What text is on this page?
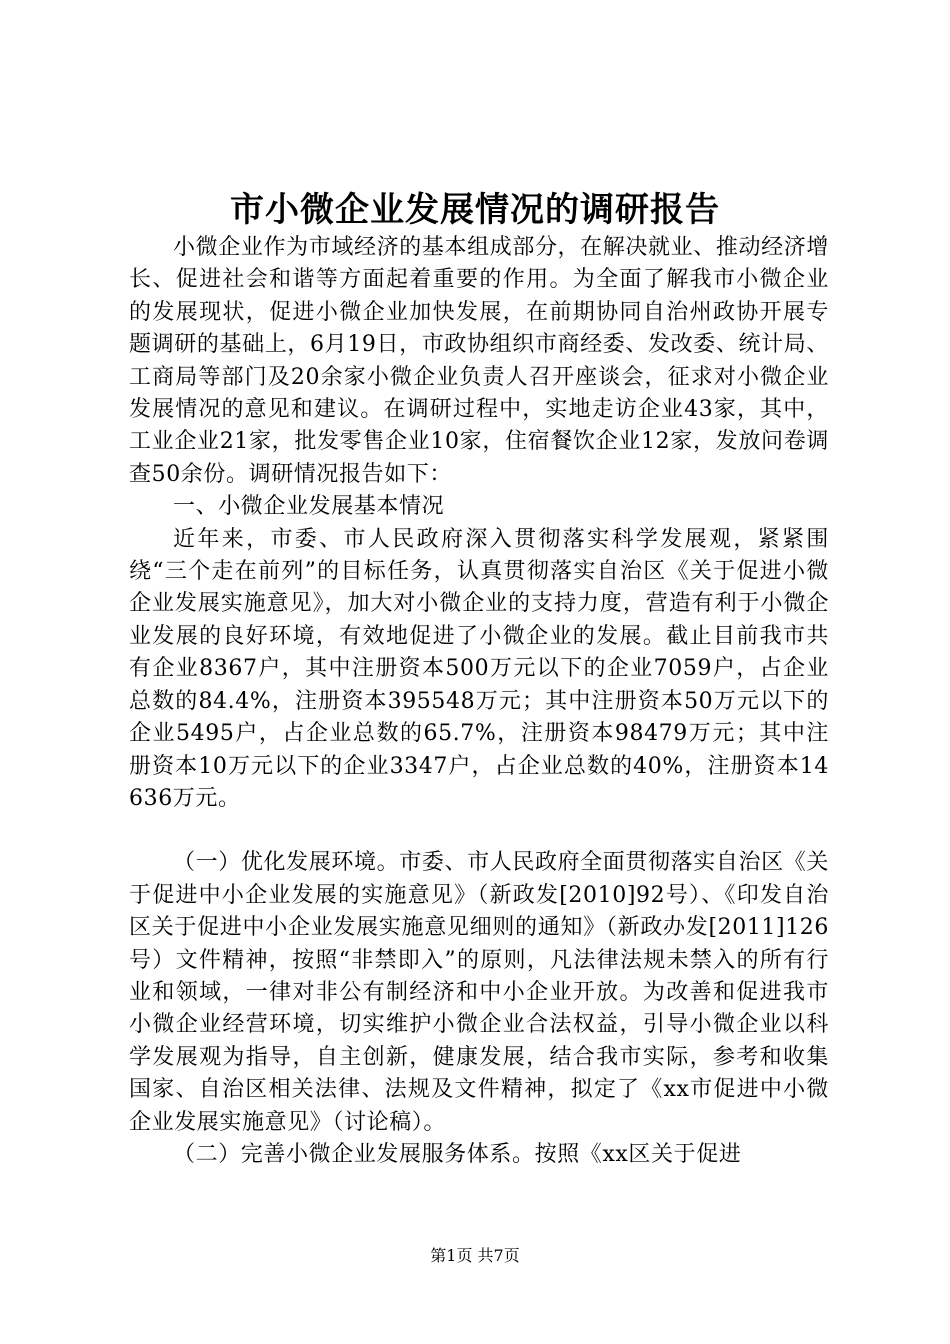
市小微企业发展情况的调研报告

小微企业作为市域经济的基本组成部分，在解决就业、推动经济增长、促进社会和谐等方面起着重要的作用。为全面了解我市小微企业的发展现状，促进小微企业加快发展，在前期协同自治州政协开展专题调研的基础上，6月19日，市政协组织市商经委、发改委、统计局、工商局等部门及20余家小微企业负责人召开座谈会，征求对小微企业发展情况的意见和建议。在调研过程中，实地走访企业43家，其中，工业企业21家，批发零售企业10家，住宿餐饮企业12家，发放问卷调查50余份。调研情况报告如下：

一、小微企业发展基本情况

近年来，市委、市人民政府深入贯彻落实科学发展观，紧紧围绕“三个走在前列”的目标任务，认真贯彻落实自治区《关于促进小微企业发展实施意见》，加大对小微企业的支持力度，营造有利于小微企业发展的良好环境，有效地促进了小微企业的发展。截止目前我市共有企业8367户，其中注册资本500万元以下的企业7059户，占企业总数的84.4%，注册资本395548万元；其中注册资本50万元以下的企业5495户，占企业总数的65.7%，注册资本98479万元；其中注册资本10万元以下的企业3347户，占企业总数的40%，注册资本14636万元。

（一）优化发展环境。市委、市人民政府全面贯彻落实自治区《关于促进中小企业发展的实施意见》（新政发[2010]92号）、《印发自治区关于促进中小企业发展实施意见细则的通知》（新政办发[2011]126号）文件精神，按照“非禁即入”的原则，凡法律法规未禁入的所有行业和领域，一律对非公有制经济和中小企业开放。为改善和促进我市小微企业经营环境，切实维护小微企业合法权益，引导小微企业以科学发展观为指导，自主创新，健康发展，结合我市实际，参考和收集国家、自治区相关法律、法规及文件精神，拟定了《xx市促进中小微企业发展实施意见》（讨论稿）。

（二）完善小微企业发展服务体系。按照《xx区关于促进

第1页 共7页
